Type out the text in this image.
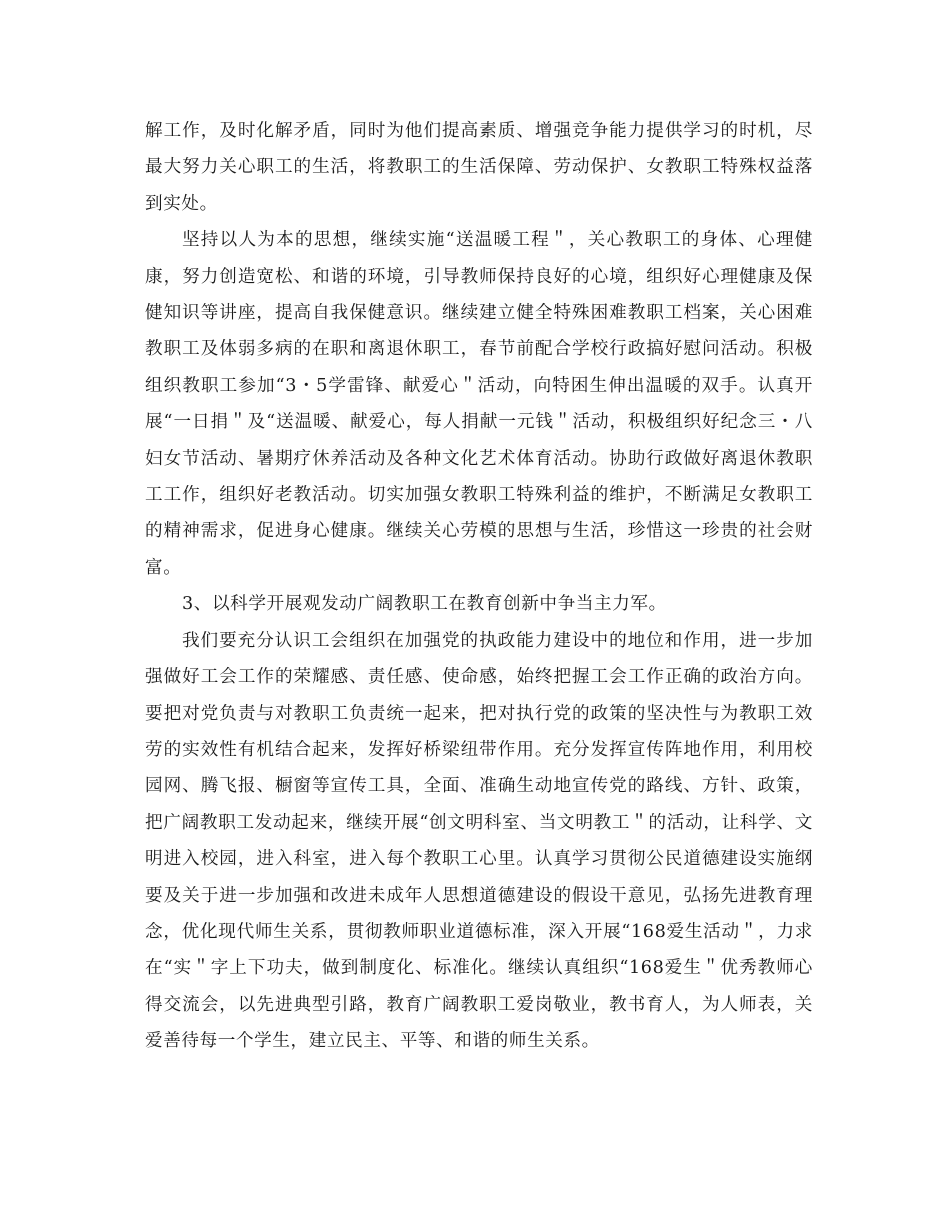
解工作，及时化解矛盾，同时为他们提高素质、增强竞争能力提供学习的时机，尽最大努力关心职工的生活，将教职工的生活保障、劳动保护、女教职工特殊权益落到实处。

坚持以人为本的思想，继续实施“送温暖工程＂，关心教职工的身体、心理健康，努力创造宽松、和谐的环境，引导教师保持良好的心境，组织好心理健康及保健知识等讲座，提高自我保健意识。继续建立健全特殊困难教职工档案，关心困难教职工及体弱多病的在职和离退休职工，春节前配合学校行政搞好慰问活动。积极组织教职工参加“3・5学雷锋、献爱心＂活动，向特困生伸出温暖的双手。认真开展“一日捐＂及“送温暖、献爱心，每人捐献一元钱＂活动，积极组织好纪念三・八妇女节活动、暑期疗休养活动及各种文化艺术体育活动。协助行政做好离退休教职工工作，组织好老教活动。切实加强女教职工特殊利益的维护，不断满足女教职工的精神需求，促进身心健康。继续关心劳模的思想与生活，珍惜这一珍贵的社会财富。

3、以科学开展观发动广阔教职工在教育创新中争当主力军。

我们要充分认识工会组织在加强党的执政能力建设中的地位和作用，进一步加强做好工会工作的荣耀感、责任感、使命感，始终把握工会工作正确的政治方向。要把对党负责与对教职工负责统一起来，把对执行党的政策的坚决性与为教职工效劳的实效性有机结合起来，发挥好桥梁纽带作用。充分发挥宣传阵地作用，利用校园网、腾飞报、橱窗等宣传工具，全面、准确生动地宣传党的路线、方针、政策，把广阔教职工发动起来，继续开展“创文明科室、当文明教工＂的活动，让科学、文明进入校园，进入科室，进入每个教职工心里。认真学习贯彻公民道德建设实施纲要及关于进一步加强和改进未成年人思想道德建设的假设干意见，弘扬先进教育理念，优化现代师生关系，贯彻教师职业道德标准，深入开展“168爱生活动＂，力求在“实＂字上下功夫，做到制度化、标准化。继续认真组织“168爱生＂优秀教师心得交流会，以先进典型引路，教育广阔教职工爱岗敬业，教书育人，为人师表，关爱善待每一个学生，建立民主、平等、和谐的师生关系。
